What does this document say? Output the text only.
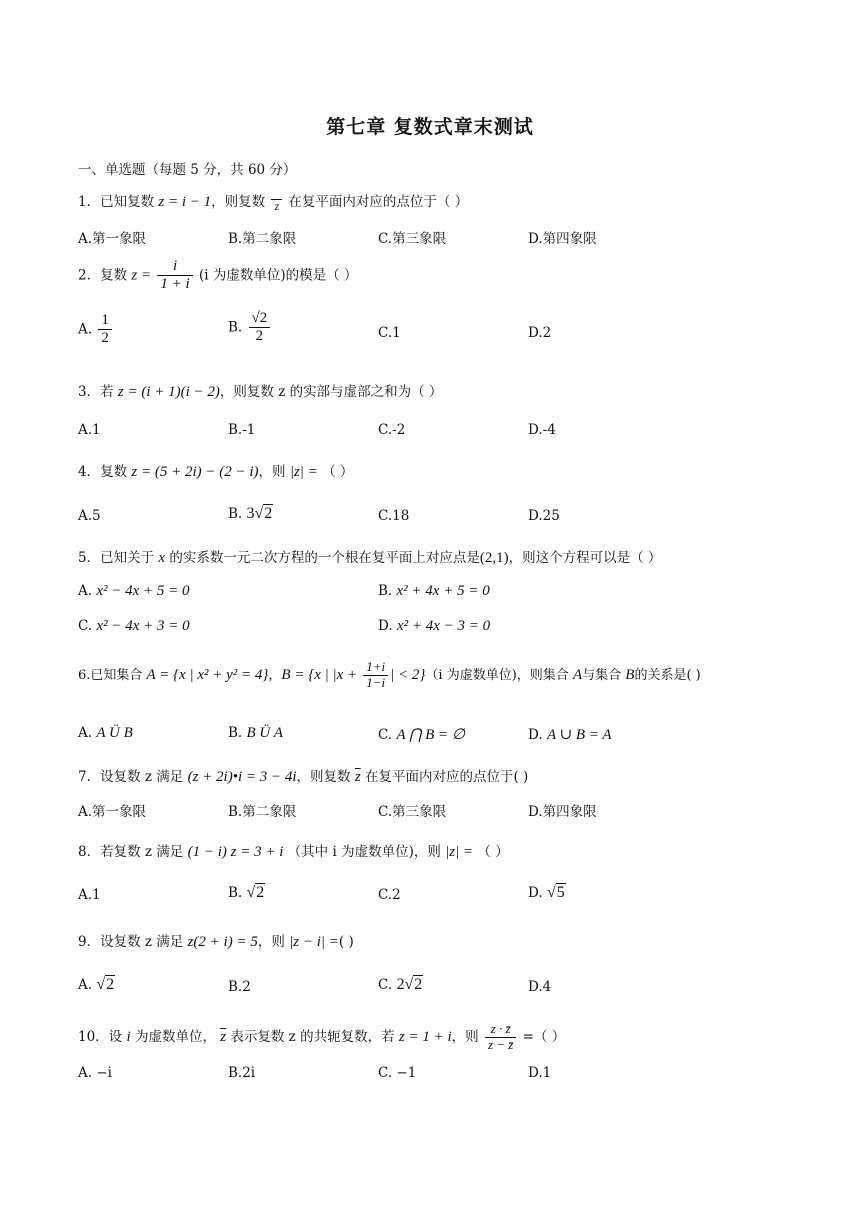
第七章 复数式章末测试
一、单选题（每题 5 分，共 60 分）
1．已知复数 z = i − 1，则复数 z 在复平面内对应的点位于（ ）
A.第一象限	B.第二象限	C.第三象限	D.第四象限
2．复数 $z = \frac{i}{1 + i} (i$ 为虚数单位)的模是（ ）
A. $\frac{1}{2}$	B. $\frac{√2}{2}$	C.1	D.2
3．若 z = (i + 1)(i − 2)，则复数 z 的实部与虚部之和为（ ）
A.1	B.-1	C.-2	D.-4
4．复数 z = (5 + 2i) − (2 − i)，则 |z| = （ ）
A.5	B. 3√2	C.18	D.25
5．已知关于 x 的实系数一元二次方程的一个根在复平面上对应点是(2,1)，则这个方程可以是（ ）
A. x² − 4x + 5 = 0	B. x² + 4x + 5 = 0
C. x² − 4x + 3 = 0	D. x² + 4x − 3 = 0
6.已知集合 A = {x | x² + y² = 4}，B = {x | $|x + \frac{1+i}{1-i}$ | < 2}（i 为虚数单位)，则集合 A与集合 B的关系是( )
A. A Ü B	B. B Ü A	C. A ⋂ B = ∅	D. A ∪ B = A
7．设复数 z 满足 (z + 2i)•i = 3 − 4i，则复数 $\overline{z}$ 在复平面内对应的点位于( )
A.第一象限	B.第二象限	C.第三象限	D.第四象限
8．若复数 z 满足 (1 − i) z = 3 + i （其中 i 为虚数单位)，则 |z| = （ ）
A.1	B. √2	C.2	D. √5
9．设复数 z 满足 z(2 + i) = 5，则 |z − i| =( )
A. √2	B.2	C. 2√2	D.4
10．设 i 为虚数单位， $\overline{z}$ 表示复数 z 的共轭复数，若 z = 1 + i，则 $\frac{z \cdot z̄}{z - z̄}$ =（ ）
A. −i	B.2i	C. −1	D.1
